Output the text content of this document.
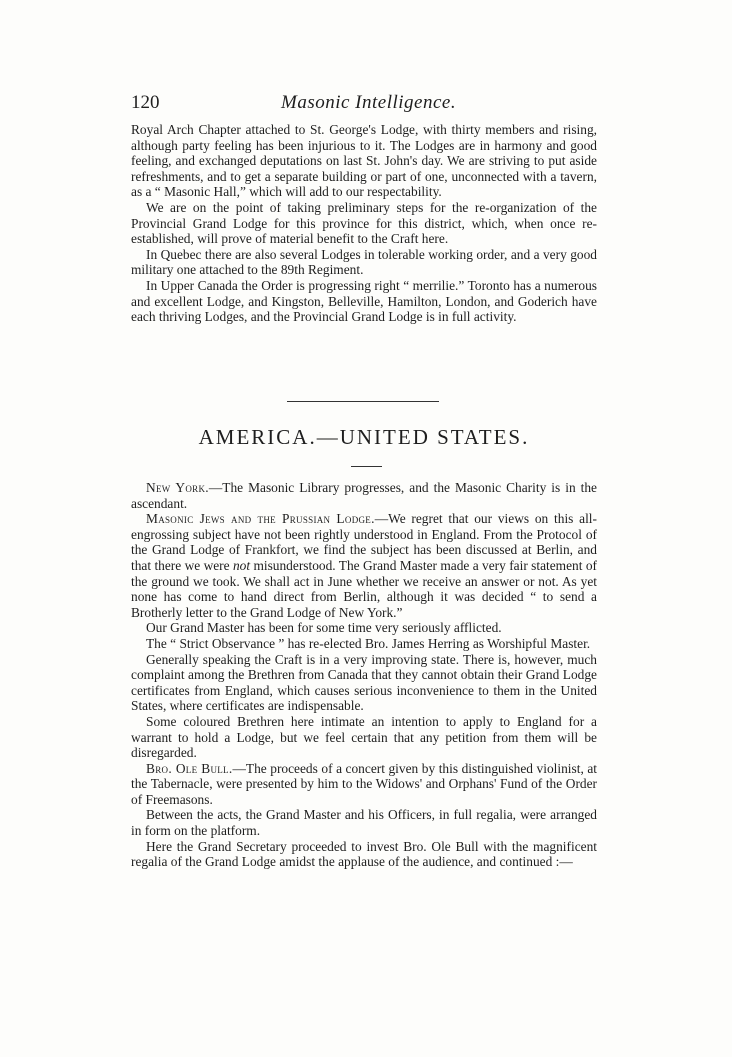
120	Masonic Intelligence.

Royal Arch Chapter attached to St. George's Lodge, with thirty members and rising, although party feeling has been injurious to it. The Lodges are in harmony and good feeling, and exchanged deputations on last St. John's day. We are striving to put aside refreshments, and to get a separate building or part of one, unconnected with a tavern, as a “ Masonic Hall,” which will add to our respectability.

We are on the point of taking preliminary steps for the re-organization of the Provincial Grand Lodge for this province for this district, which, when once re-established, will prove of material benefit to the Craft here.

In Quebec there are also several Lodges in tolerable working order, and a very good military one attached to the 89th Regiment.

In Upper Canada the Order is progressing right “ merrilie.” Toronto has a numerous and excellent Lodge, and Kingston, Belleville, Hamilton, London, and Goderich have each thriving Lodges, and the Provincial Grand Lodge is in full activity.

AMERICA.—UNITED STATES.

New York.—The Masonic Library progresses, and the Masonic Charity is in the ascendant.

Masonic Jews and the Prussian Lodge.—We regret that our views on this all-engrossing subject have not been rightly understood in England. From the Protocol of the Grand Lodge of Frankfort, we find the subject has been discussed at Berlin, and that there we were not misunderstood. The Grand Master made a very fair statement of the ground we took. We shall act in June whether we receive an answer or not. As yet none has come to hand direct from Berlin, although it was decided “ to send a Brotherly letter to the Grand Lodge of New York.”

Our Grand Master has been for some time very seriously afflicted.

The “ Strict Observance ” has re-elected Bro. James Herring as Worshipful Master.

Generally speaking the Craft is in a very improving state. There is, however, much complaint among the Brethren from Canada that they cannot obtain their Grand Lodge certificates from England, which causes serious inconvenience to them in the United States, where certificates are indispensable.

Some coloured Brethren here intimate an intention to apply to England for a warrant to hold a Lodge, but we feel certain that any petition from them will be disregarded.

Bro. Ole Bull.—The proceeds of a concert given by this distinguished violinist, at the Tabernacle, were presented by him to the Widows' and Orphans' Fund of the Order of Freemasons.

Between the acts, the Grand Master and his Officers, in full regalia, were arranged in form on the platform.

Here the Grand Secretary proceeded to invest Bro. Ole Bull with the magnificent regalia of the Grand Lodge amidst the applause of the audience, and continued :—
